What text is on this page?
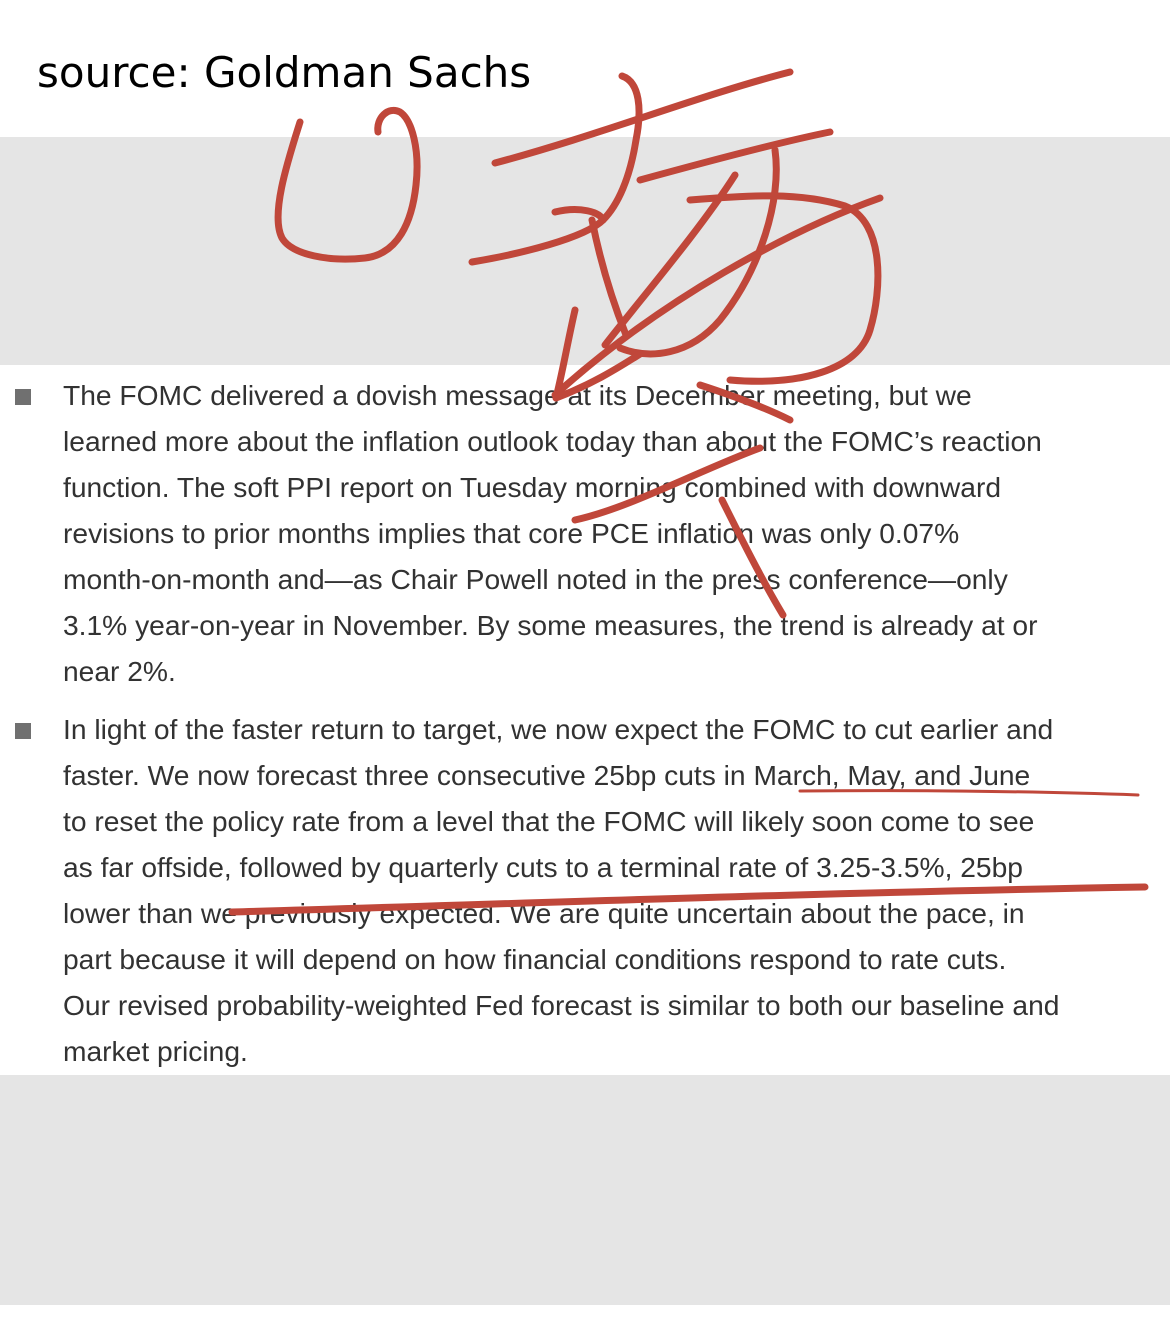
source: Goldman Sachs
The FOMC delivered a dovish message at its December meeting, but we
learned more about the inflation outlook today than about the FOMC’s reaction
function. The soft PPI report on Tuesday morning combined with downward
revisions to prior months implies that core PCE inflation was only 0.07%
month-on-month and—as Chair Powell noted in the press conference—only
3.1% year-on-year in November. By some measures, the trend is already at or
near 2%.
In light of the faster return to target, we now expect the FOMC to cut earlier and
faster. We now forecast three consecutive 25bp cuts in March, May, and June
to reset the policy rate from a level that the FOMC will likely soon come to see
as far offside, followed by quarterly cuts to a terminal rate of 3.25-3.5%, 25bp
lower than we previously expected. We are quite uncertain about the pace, in
part because it will depend on how financial conditions respond to rate cuts.
Our revised probability-weighted Fed forecast is similar to both our baseline and
market pricing.
